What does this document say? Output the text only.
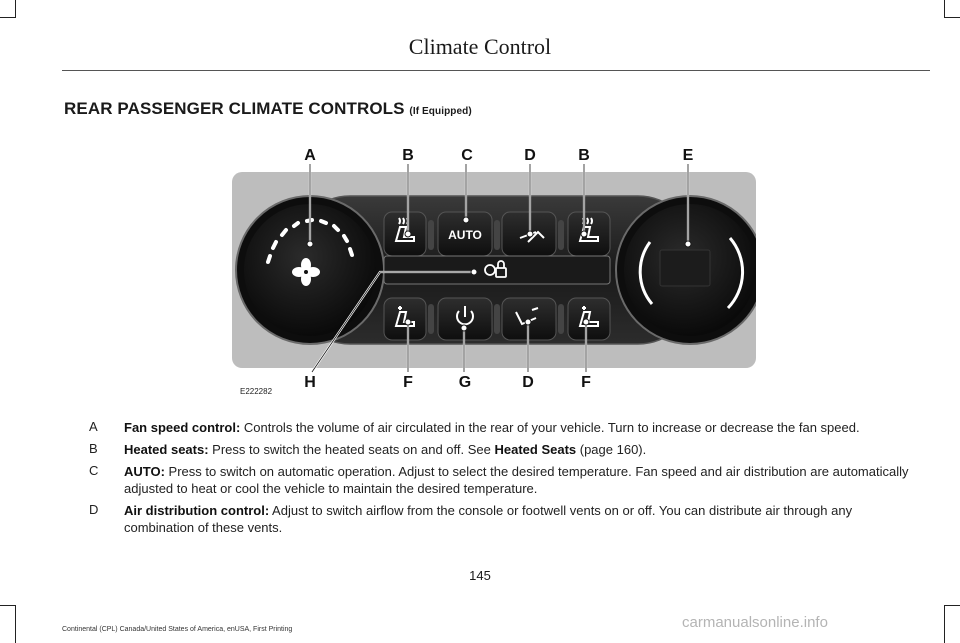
Climate Control
REAR PASSENGER CLIMATE CONTROLS (If Equipped)
AUTO
A	B	C	D	B	E
H	F	G	D	F
E222282
A Fan speed control: Controls the volume of air circulated in the rear of your vehicle. Turn to increase or decrease the fan speed.
B Heated seats: Press to switch the heated seats on and off. See Heated Seats (page 160).
C AUTO: Press to switch on automatic operation. Adjust to select the desired temperature. Fan speed and air distribution are automatically adjusted to heat or cool the vehicle to maintain the desired temperature.
D Air distribution control: Adjust to switch airflow from the console or footwell vents on or off. You can distribute air through any combination of these vents.
145
Continental (CPL) Canada/United States of America, enUSA, First Printing	carmanualsonline.info
